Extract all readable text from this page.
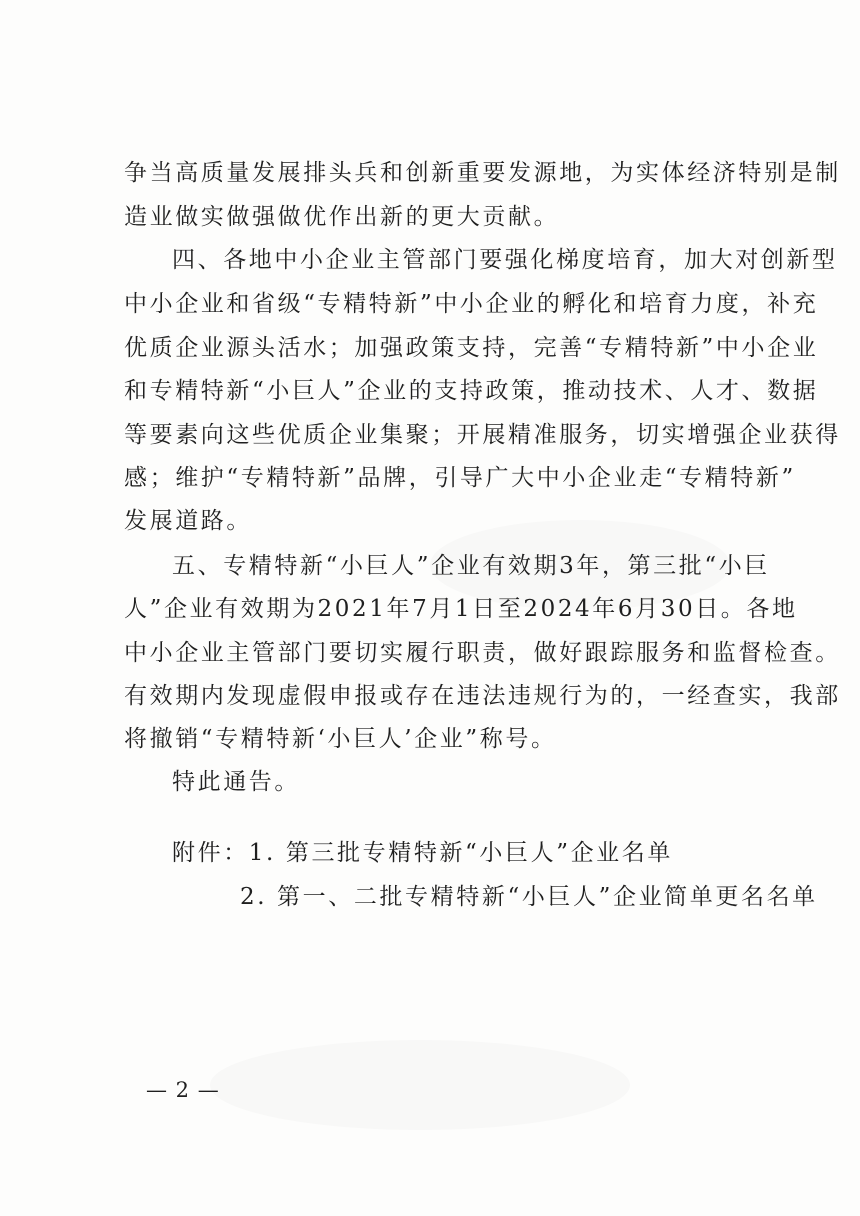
争当高质量发展排头兵和创新重要发源地，为实体经济特别是制
造业做实做强做优作出新的更大贡献。
四、各地中小企业主管部门要强化梯度培育，加大对创新型
中小企业和省级“专精特新”中小企业的孵化和培育力度，补充
优质企业源头活水；加强政策支持，完善“专精特新”中小企业
和专精特新“小巨人”企业的支持政策，推动技术、人才、数据
等要素向这些优质企业集聚；开展精准服务，切实增强企业获得
感；维护“专精特新”品牌，引导广大中小企业走“专精特新”
发展道路。
五、专精特新“小巨人”企业有效期3年，第三批“小巨
人”企业有效期为2021年7月1日至2024年6月30日。各地
中小企业主管部门要切实履行职责，做好跟踪服务和监督检查。
有效期内发现虚假申报或存在违法违规行为的，一经查实，我部
将撤销“专精特新‘小巨人’企业”称号。
特此通告。
附件：1. 第三批专精特新“小巨人”企业名单
2. 第一、二批专精特新“小巨人”企业简单更名名单
— 2 —
